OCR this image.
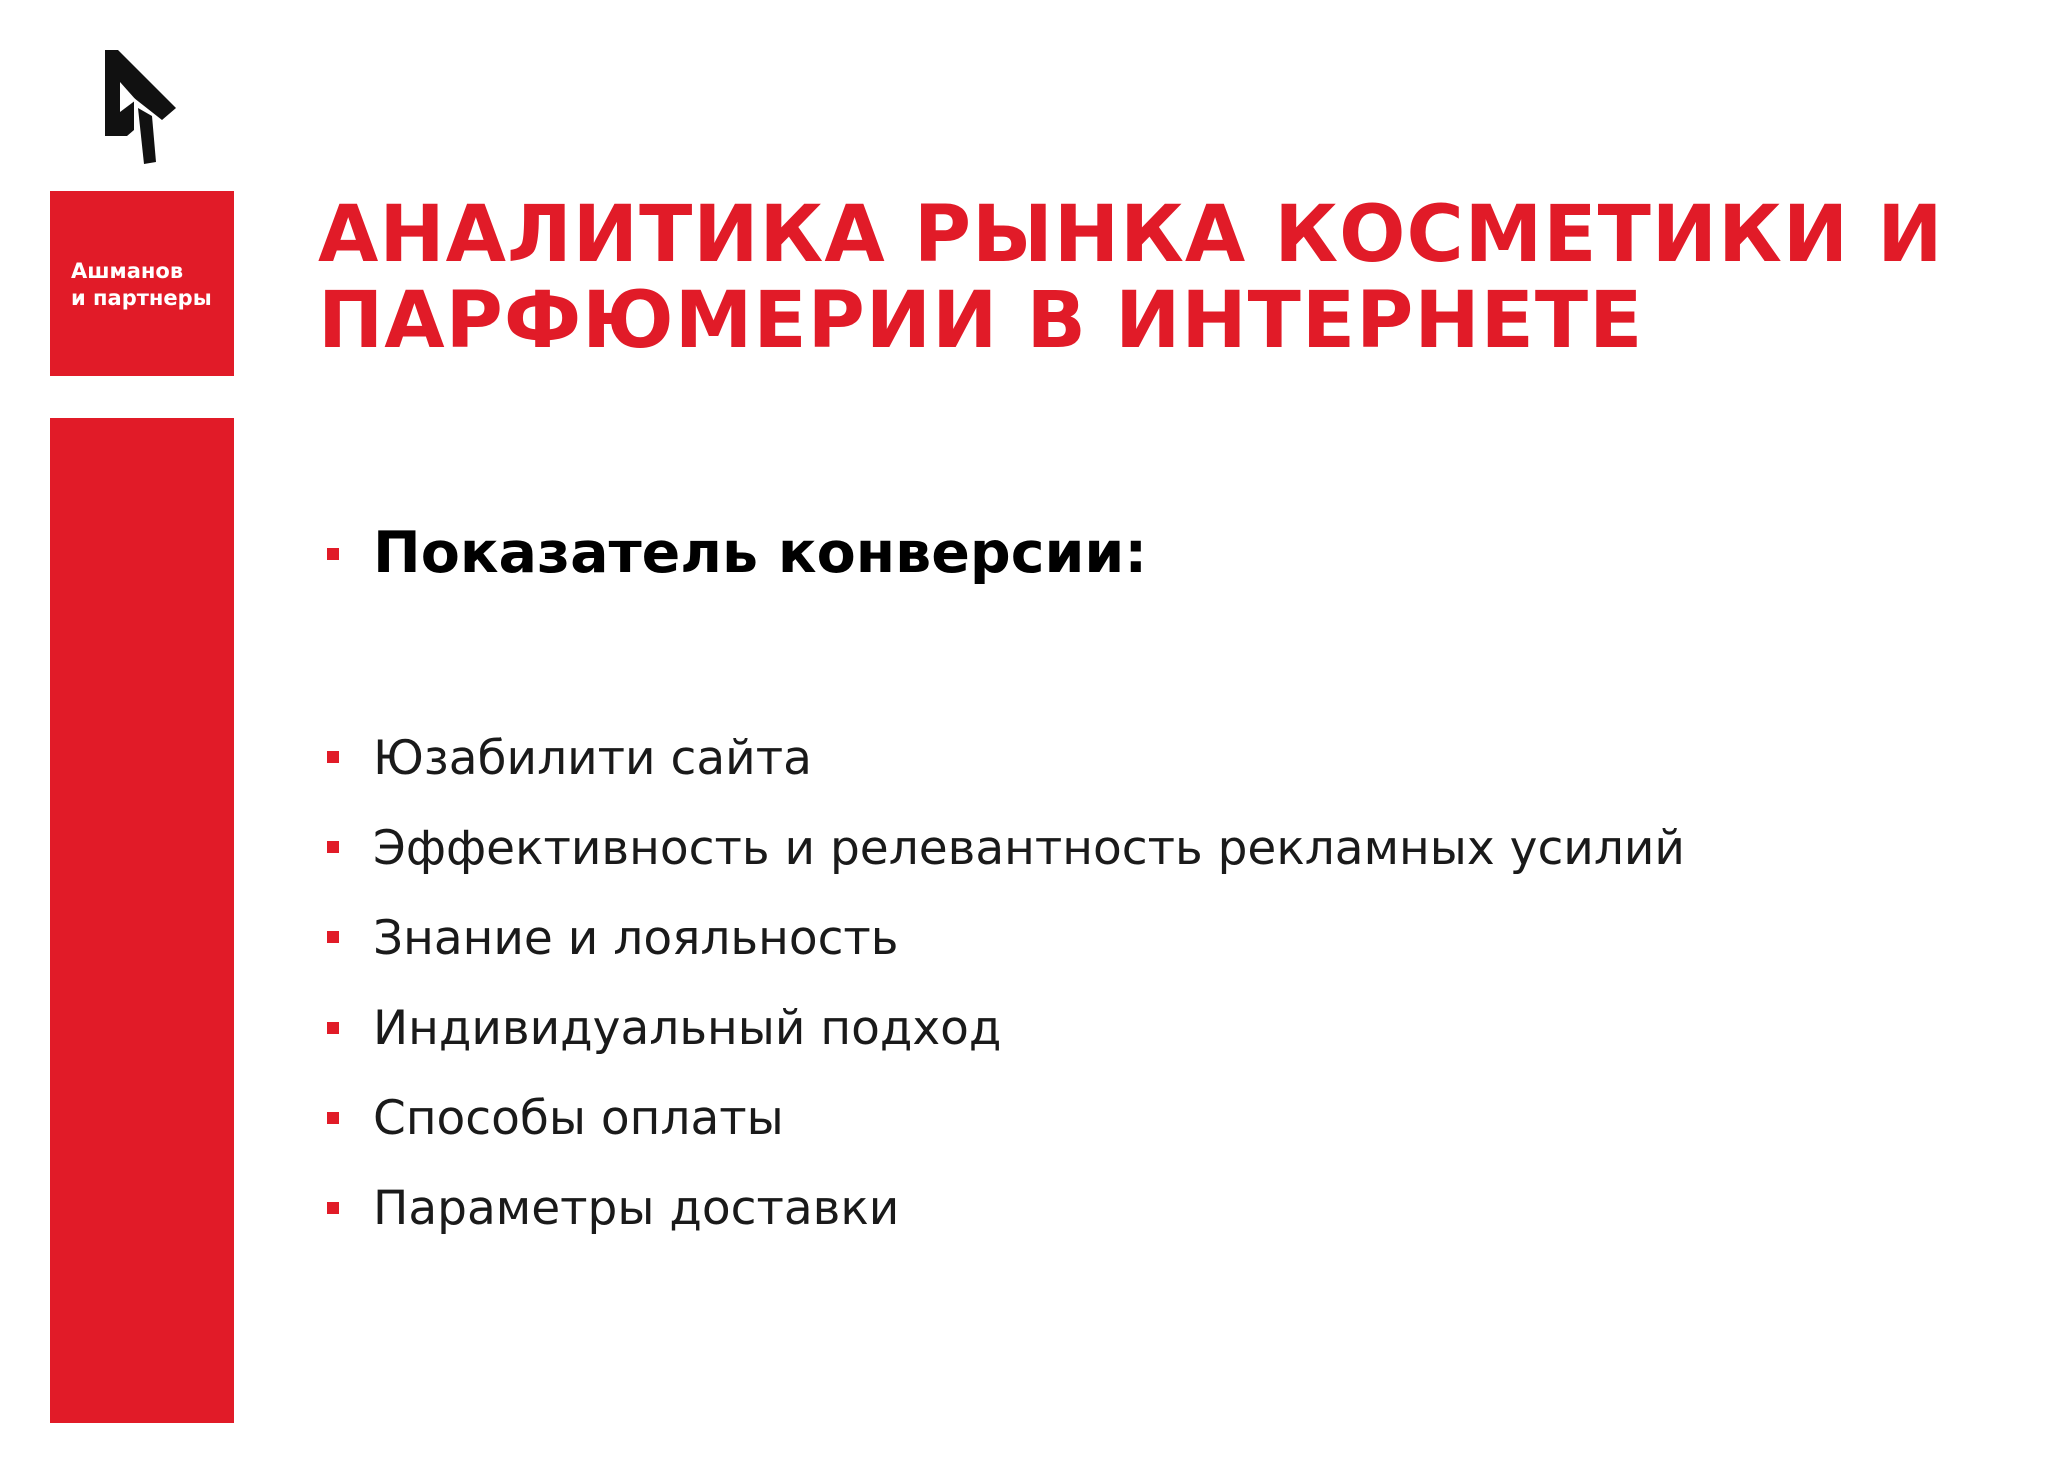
Ашманов
и партнеры
АНАЛИТИКА РЫНКА КОСМЕТИКИ И
ПАРФЮМЕРИИ В ИНТЕРНЕТЕ
Показатель конверсии:
Юзабилити сайта
Эффективность и релевантность рекламных усилий
Знание и лояльность
Индивидуальный подход
Способы оплаты
Параметры доставки
